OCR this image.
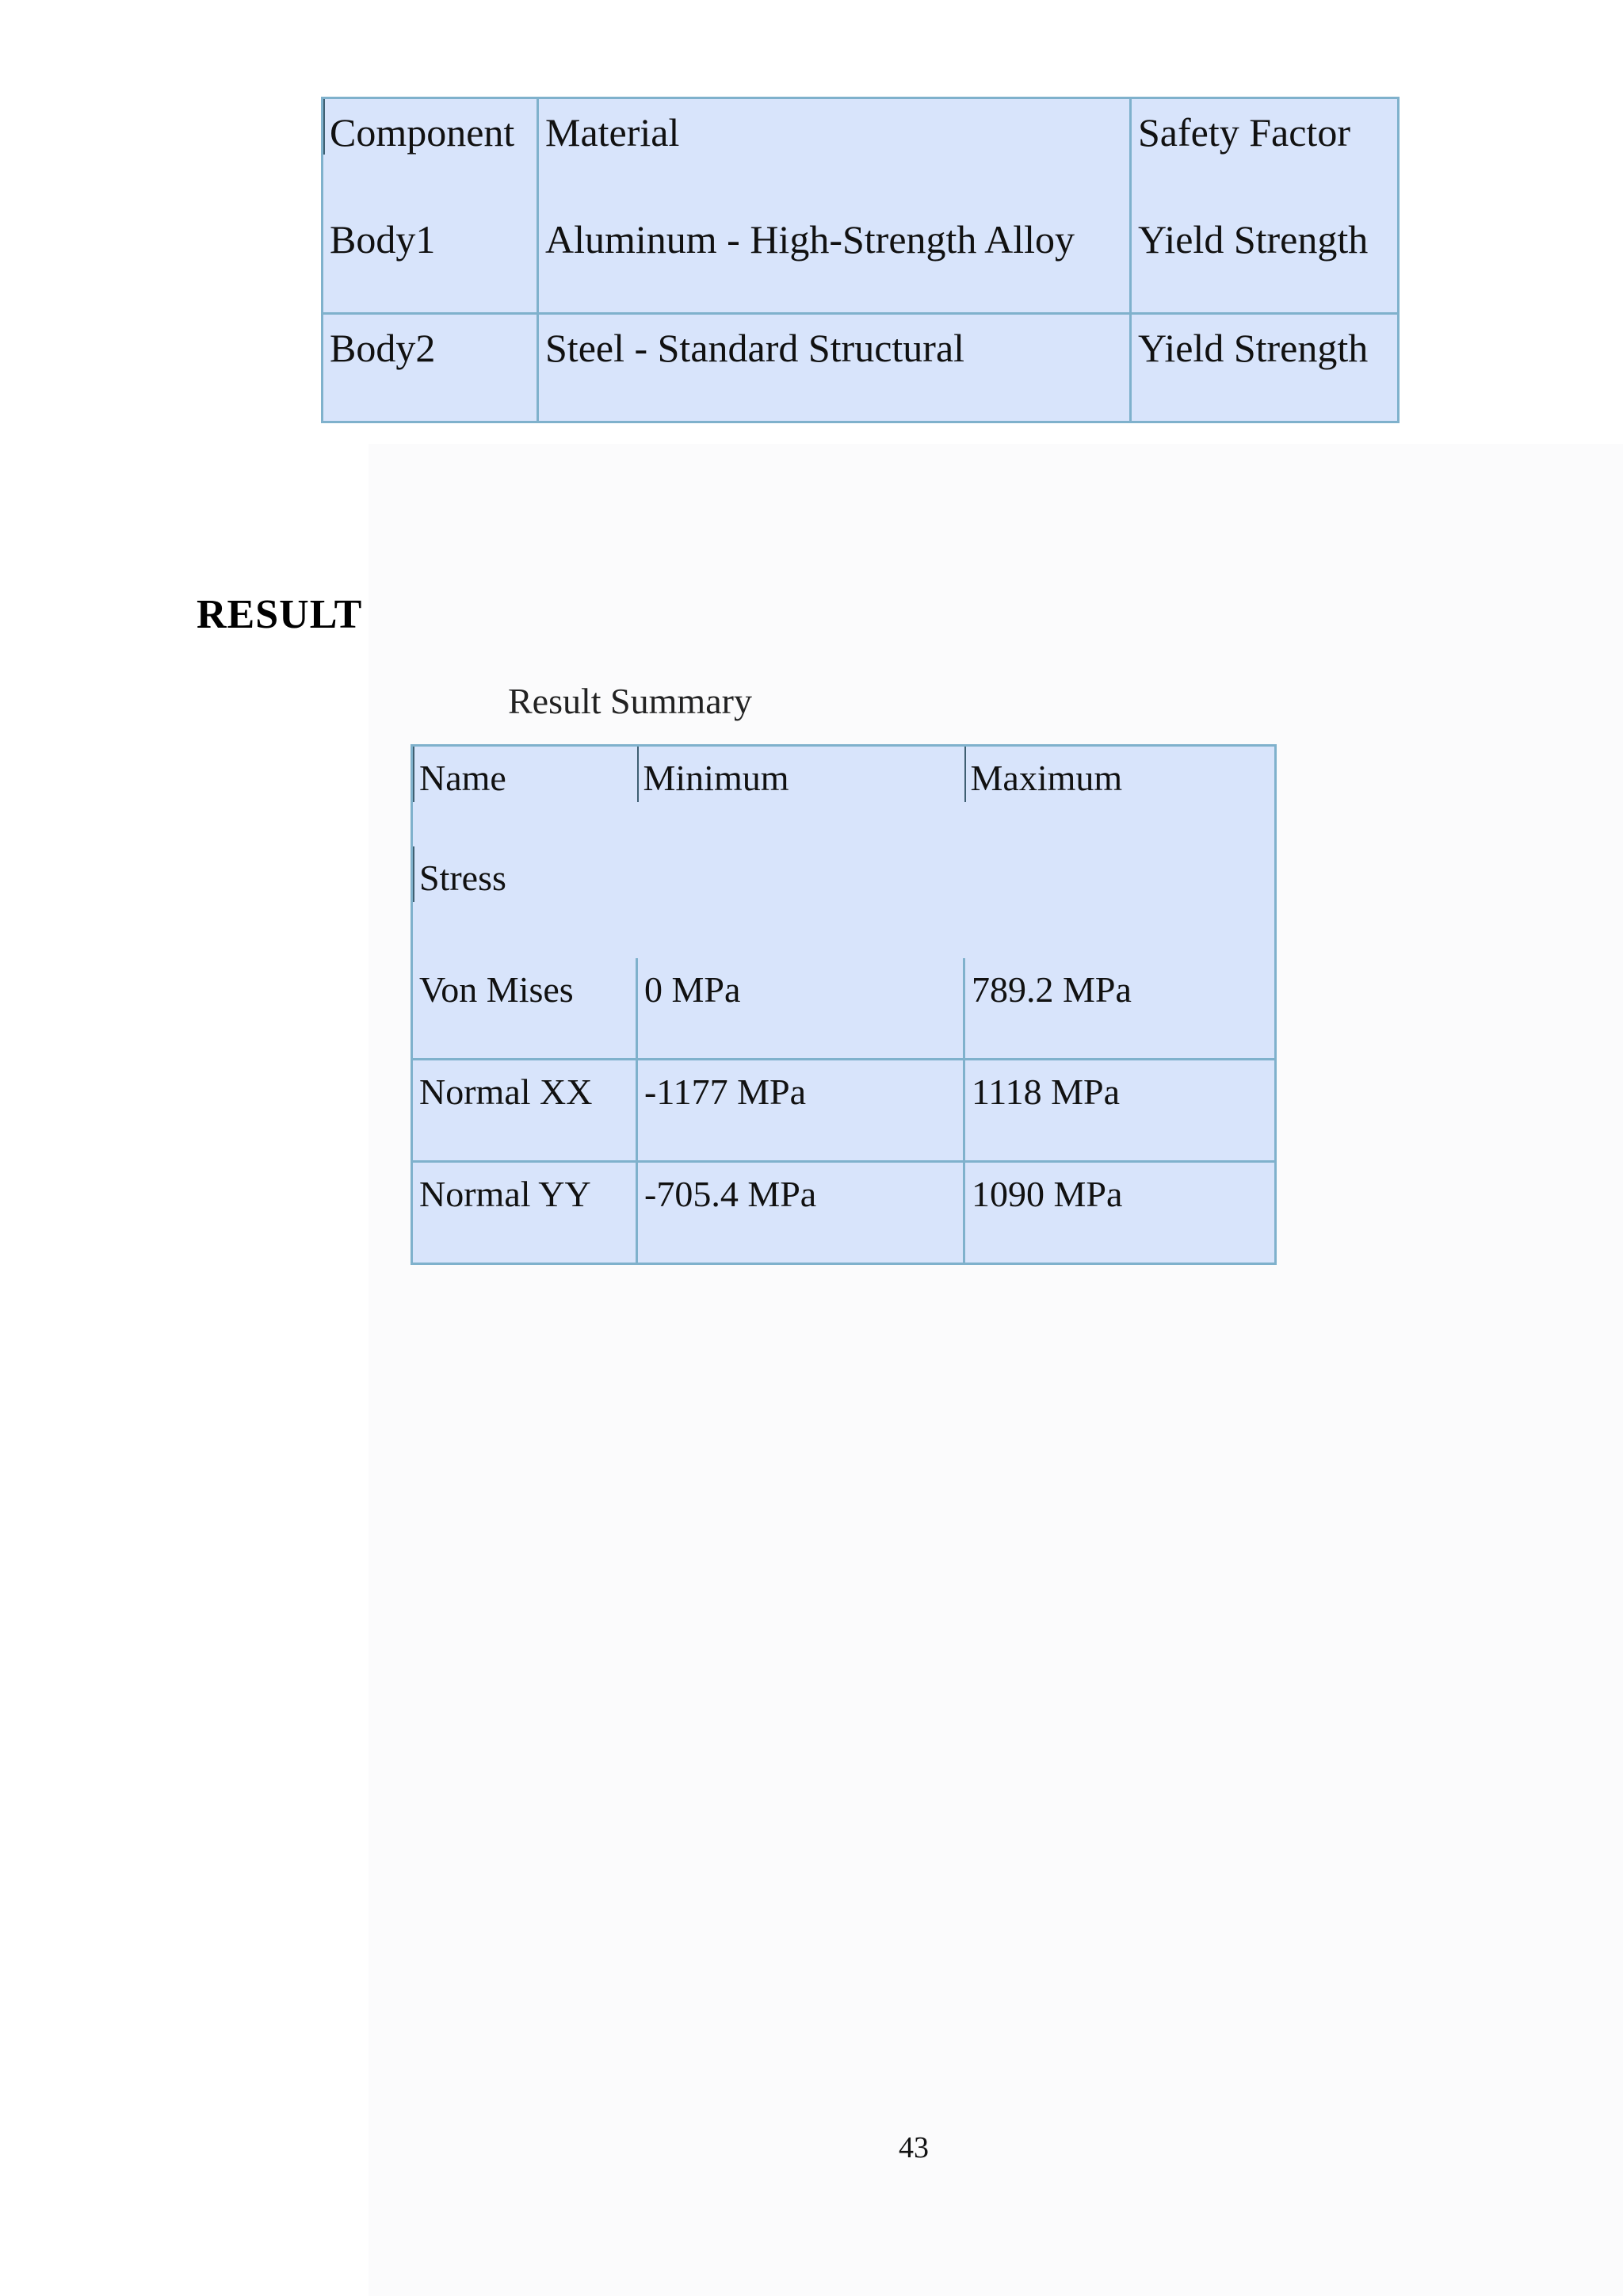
Component	Material	Safety Factor
Body1	Aluminum - High-Strength Alloy	Yield Strength
Body2	Steel - Standard Structural	Yield Strength
RESULT
Result Summary
Name	Minimum	Maximum
Stress		
Von Mises	0 MPa	789.2 MPa
Normal XX	-1177 MPa	1118 MPa
Normal YY	-705.4 MPa	1090 MPa
43
